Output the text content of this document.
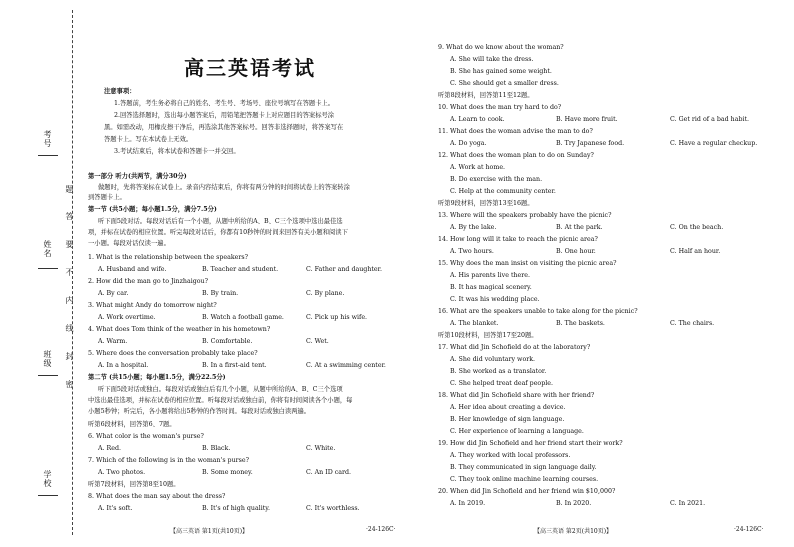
考号
姓名
班级
学校
题
答
要
不
内
线
封
密
高三英语考试
注意事项：
1.答题前，考生务必将自己的姓名、考生号、考场号、座位号填写在答题卡上。
2.回答选择题时，选出每小题答案后，用铅笔把答题卡上对应题目的答案标号涂
黑。如需改动，用橡皮擦干净后，再选涂其他答案标号。回答非选择题时，将答案写在
答题卡上。写在本试卷上无效。
3.考试结束后，将本试卷和答题卡一并交回。
第一部分 听力(共两节，满分30分)
做题时，先将答案标在试卷上。录音内容结束后，你将有两分钟的时间将试卷上的答案转涂
到答题卡上。
第一节 (共5小题；每小题1.5分，满分7.5分)
听下面5段对话。每段对话后有一个小题，从题中所给的A、B、C三个选项中选出最佳选
项，并标在试卷的相应位置。听完每段对话后，你都有10秒钟的时间来回答有关小题和阅读下
一小题。每段对话仅读一遍。
1. What is the relationship between the speakers?
A. Husband and wife.	B. Teacher and student.	C. Father and daughter.
2. How did the man go to Jinzhaigou?
A. By car.	B. By train.	C. By plane.
3. What might Andy do tomorrow night?
A. Work overtime.	B. Watch a football game.	C. Pick up his wife.
4. What does Tom think of the weather in his hometown?
A. Warm.	B. Comfortable.	C. Wet.
5. Where does the conversation probably take place?
A. In a hospital.	B. In a first-aid tent.	C. At a swimming center.
第二节 (共15小题；每小题1.5分，满分22.5分)
听下面5段对话或独白。每段对话或独白后有几个小题，从题中所给的A、B、C三个选项
中选出最佳选项，并标在试卷的相应位置。听每段对话或独白前，你将有时间阅读各个小题，每
小题5秒钟；听完后，各小题将给出5秒钟的作答时间。每段对话或独白读两遍。
听第6段材料，回答第6、7题。
6. What color is the woman's purse?
A. Red.	B. Black.	C. White.
7. Which of the following is in the woman's purse?
A. Two photos.	B. Some money.	C. An ID card.
听第7段材料，回答第8至10题。
8. What does the man say about the dress?
A. It's soft.	B. It's of high quality.	C. It's worthless.
【高三英语 第1页(共10页)】	·24-126C·
9. What do we know about the woman?
A. She will take the dress.
B. She has gained some weight.
C. She should get a smaller dress.
听第8段材料，回答第11至12题。
10. What does the man try hard to do?
A. Learn to cook.	B. Have more fruit.	C. Get rid of a bad habit.
11. What does the woman advise the man to do?
A. Do yoga.	B. Try Japanese food.	C. Have a regular checkup.
12. What does the woman plan to do on Sunday?
A. Work at home.
B. Do exercise with the man.
C. Help at the community center.
听第9段材料，回答第13至16题。
13. Where will the speakers probably have the picnic?
A. By the lake.	B. At the park.	C. On the beach.
14. How long will it take to reach the picnic area?
A. Two hours.	B. One hour.	C. Half an hour.
15. Why does the man insist on visiting the picnic area?
A. His parents live there.
B. It has magical scenery.
C. It was his wedding place.
16. What are the speakers unable to take along for the picnic?
A. The blanket.	B. The baskets.	C. The chairs.
听第10段材料，回答第17至20题。
17. What did Jin Schofield do at the laboratory?
A. She did voluntary work.
B. She worked as a translator.
C. She helped treat deaf people.
18. What did Jin Schofield share with her friend?
A. Her idea about creating a device.
B. Her knowledge of sign language.
C. Her experience of learning a language.
19. How did Jin Schofield and her friend start their work?
A. They worked with local professors.
B. They communicated in sign language daily.
C. They took online machine learning courses.
20. When did Jin Schofield and her friend win $10,000?
A. In 2019.	B. In 2020.	C. In 2021.
【高三英语 第2页(共10页)】	·24-126C·
